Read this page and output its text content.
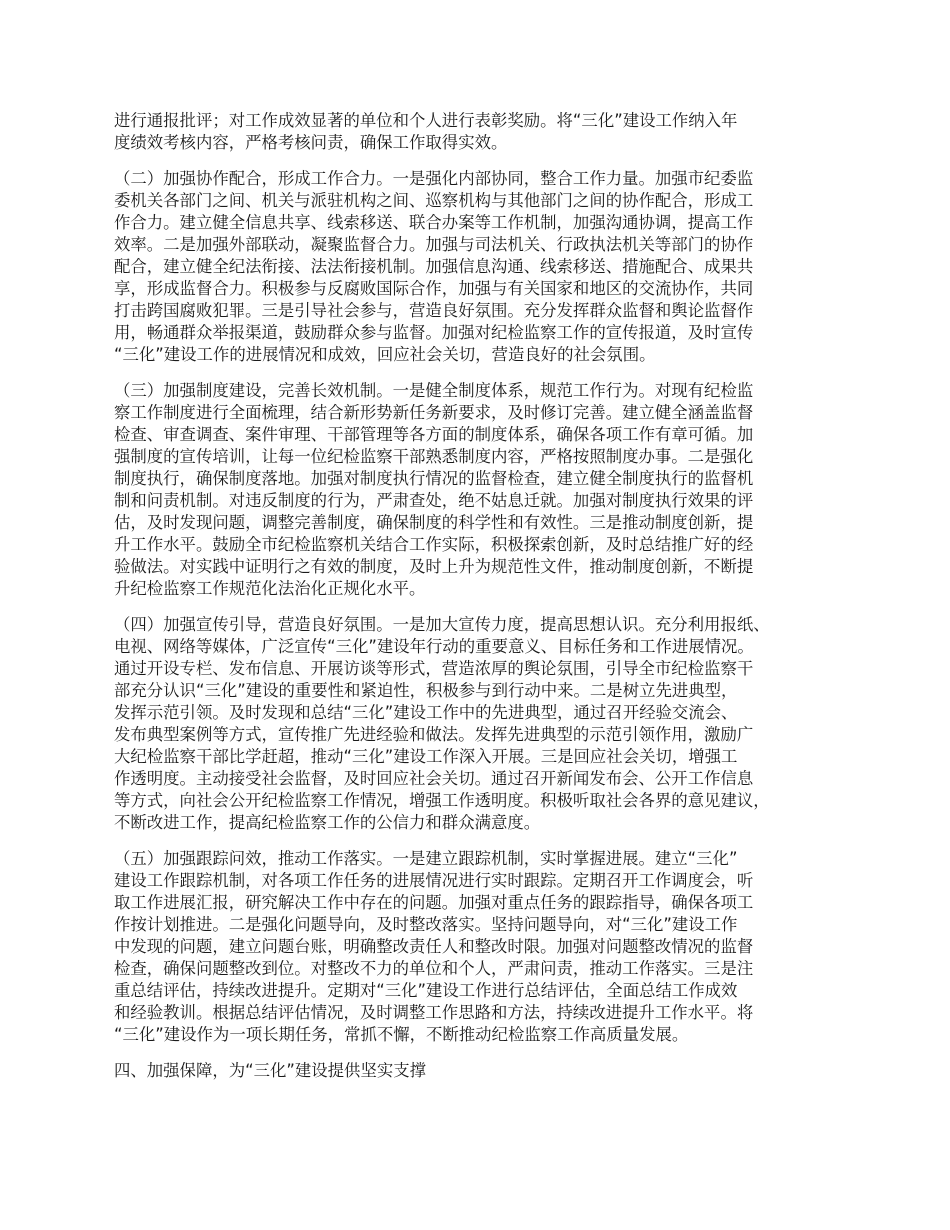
进行通报批评；对工作成效显著的单位和个人进行表彰奖励。将“三化”建设工作纳入年
度绩效考核内容，严格考核问责，确保工作取得实效。
（二）加强协作配合，形成工作合力。一是强化内部协同，整合工作力量。加强市纪委监
委机关各部门之间、机关与派驻机构之间、巡察机构与其他部门之间的协作配合，形成工
作合力。建立健全信息共享、线索移送、联合办案等工作机制，加强沟通协调，提高工作
效率。二是加强外部联动，凝聚监督合力。加强与司法机关、行政执法机关等部门的协作
配合，建立健全纪法衔接、法法衔接机制。加强信息沟通、线索移送、措施配合、成果共
享，形成监督合力。积极参与反腐败国际合作，加强与有关国家和地区的交流协作，共同
打击跨国腐败犯罪。三是引导社会参与，营造良好氛围。充分发挥群众监督和舆论监督作
用，畅通群众举报渠道，鼓励群众参与监督。加强对纪检监察工作的宣传报道，及时宣传
“三化”建设工作的进展情况和成效，回应社会关切，营造良好的社会氛围。
（三）加强制度建设，完善长效机制。一是健全制度体系，规范工作行为。对现有纪检监
察工作制度进行全面梳理，结合新形势新任务新要求，及时修订完善。建立健全涵盖监督
检查、审查调查、案件审理、干部管理等各方面的制度体系，确保各项工作有章可循。加
强制度的宣传培训，让每一位纪检监察干部熟悉制度内容，严格按照制度办事。二是强化
制度执行，确保制度落地。加强对制度执行情况的监督检查，建立健全制度执行的监督机
制和问责机制。对违反制度的行为，严肃查处，绝不姑息迁就。加强对制度执行效果的评
估，及时发现问题，调整完善制度，确保制度的科学性和有效性。三是推动制度创新，提
升工作水平。鼓励全市纪检监察机关结合工作实际，积极探索创新，及时总结推广好的经
验做法。对实践中证明行之有效的制度，及时上升为规范性文件，推动制度创新，不断提
升纪检监察工作规范化法治化正规化水平。
（四）加强宣传引导，营造良好氛围。一是加大宣传力度，提高思想认识。充分利用报纸、
电视、网络等媒体，广泛宣传“三化”建设年行动的重要意义、目标任务和工作进展情况。
通过开设专栏、发布信息、开展访谈等形式，营造浓厚的舆论氛围，引导全市纪检监察干
部充分认识“三化”建设的重要性和紧迫性，积极参与到行动中来。二是树立先进典型，
发挥示范引领。及时发现和总结“三化”建设工作中的先进典型，通过召开经验交流会、
发布典型案例等方式，宣传推广先进经验和做法。发挥先进典型的示范引领作用，激励广
大纪检监察干部比学赶超，推动“三化”建设工作深入开展。三是回应社会关切，增强工
作透明度。主动接受社会监督，及时回应社会关切。通过召开新闻发布会、公开工作信息
等方式，向社会公开纪检监察工作情况，增强工作透明度。积极听取社会各界的意见建议，
不断改进工作，提高纪检监察工作的公信力和群众满意度。
（五）加强跟踪问效，推动工作落实。一是建立跟踪机制，实时掌握进展。建立“三化”
建设工作跟踪机制，对各项工作任务的进展情况进行实时跟踪。定期召开工作调度会，听
取工作进展汇报，研究解决工作中存在的问题。加强对重点任务的跟踪指导，确保各项工
作按计划推进。二是强化问题导向，及时整改落实。坚持问题导向，对“三化”建设工作
中发现的问题，建立问题台账，明确整改责任人和整改时限。加强对问题整改情况的监督
检查，确保问题整改到位。对整改不力的单位和个人，严肃问责，推动工作落实。三是注
重总结评估，持续改进提升。定期对“三化”建设工作进行总结评估，全面总结工作成效
和经验教训。根据总结评估情况，及时调整工作思路和方法，持续改进提升工作水平。将
“三化”建设作为一项长期任务，常抓不懈，不断推动纪检监察工作高质量发展。
四、加强保障，为“三化”建设提供坚实支撑
